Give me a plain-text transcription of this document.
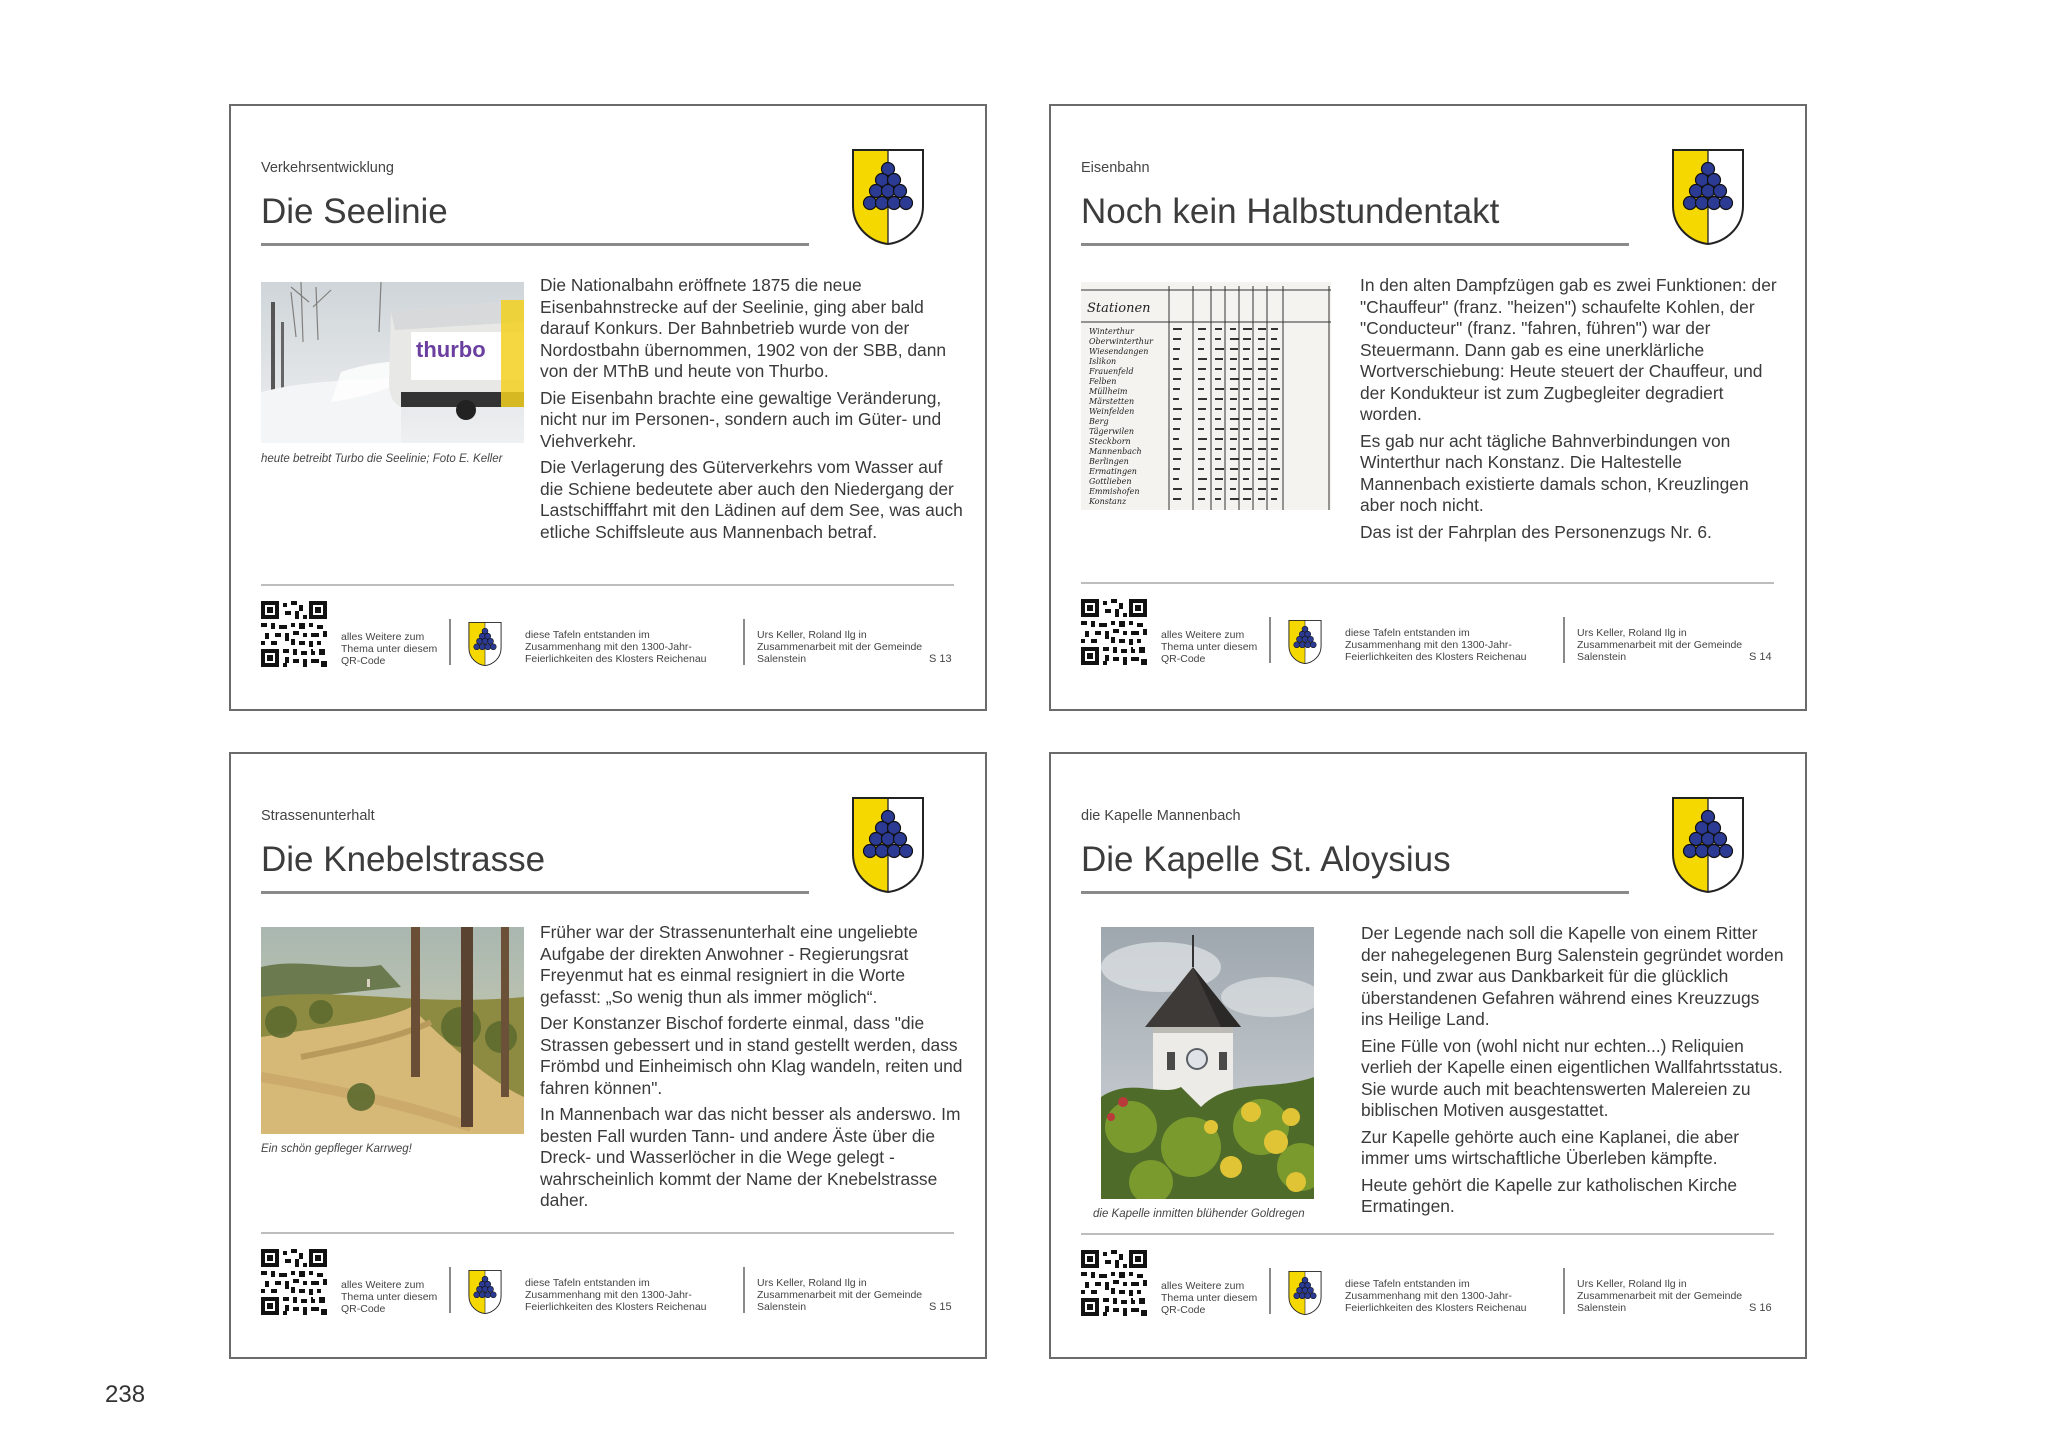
Verkehrsentwicklung
Die Seelinie
thurbo
heute betreibt Turbo die Seelinie; Foto E. Keller

Die Nationalbahn eröffnete 1875 die neue Eisenbahnstrecke auf der Seelinie, ging aber bald darauf Konkurs. Der Bahnbetrieb wurde von der Nordostbahn übernommen, 1902 von der SBB, dann von der MThB und heute von Thurbo.

Die Eisenbahn brachte eine gewaltige Veränderung, nicht nur im Personen-, sondern auch im Güter- und Viehverkehr.

Die Verlagerung des Güterverkehrs vom Wasser auf die Schiene bedeutete aber auch den Niedergang der Lastschifffahrt mit den Lädinen auf dem See, was auch etliche Schiffsleute aus Mannenbach betraf.

alles Weitere zum Thema unter diesem QR-Code
diese Tafeln entstanden im Zusammenhang mit den 1300-Jahr-Feierlichkeiten des Klosters Reichenau
Urs Keller, Roland Ilg in Zusammenarbeit mit der Gemeinde Salenstein	S 13
Eisenbahn
Noch kein Halbstundentakt
Stationen
Winterthur
Oberwinterthur
Wiesendangen
Islikon
Frauenfeld
Felben
Müllheim
Märstetten
Weinfelden
Berg
Tägerwilen
Steckborn
Mannenbach
Berlingen
Ermatingen
Gottlieben
Emmishofen
Konstanz

In den alten Dampfzügen gab es zwei Funktionen: der "Chauffeur" (franz. "heizen") schaufelte Kohlen, der "Conducteur" (franz. "fahren, führen") war der Steuermann. Dann gab es eine unerklärliche Wortverschiebung: Heute steuert der Chauffeur, und der Kondukteur ist zum Zugbegleiter degradiert worden.

Es gab nur acht tägliche Bahnverbindungen von Winterthur nach Konstanz. Die Haltestelle Mannenbach existierte damals schon, Kreuzlingen aber noch nicht.

Das ist der Fahrplan des Personenzugs Nr. 6.

alles Weitere zum Thema unter diesem QR-Code
diese Tafeln entstanden im Zusammenhang mit den 1300-Jahr-Feierlichkeiten des Klosters Reichenau
Urs Keller, Roland Ilg in Zusammenarbeit mit der Gemeinde Salenstein	S 14
Strassenunterhalt
Die Knebelstrasse
Ein schön gepfleger Karrweg!

Früher war der Strassenunterhalt eine ungeliebte Aufgabe der direkten Anwohner - Regierungsrat Freyenmut hat es einmal resigniert in die Worte gefasst: „So wenig thun als immer möglich“.

Der Konstanzer Bischof forderte einmal, dass "die Strassen gebessert und in stand gestellt werden, dass Frömbd und Einheimisch ohn Klag wandeln, reiten und fahren können".

In Mannenbach war das nicht besser als anderswo. Im besten Fall wurden Tann- und andere Äste über die Dreck- und Wasserlöcher in die Wege gelegt - wahrscheinlich kommt der Name der Knebelstrasse daher.

alles Weitere zum Thema unter diesem QR-Code
diese Tafeln entstanden im Zusammenhang mit den 1300-Jahr-Feierlichkeiten des Klosters Reichenau
Urs Keller, Roland Ilg in Zusammenarbeit mit der Gemeinde Salenstein	S 15
die Kapelle Mannenbach
Die Kapelle St. Aloysius
die Kapelle inmitten blühender Goldregen

Der Legende nach soll die Kapelle von einem Ritter der nahegelegenen Burg Salenstein gegründet worden sein, und zwar aus Dankbarkeit für die glücklich überstandenen Gefahren während eines Kreuzzugs ins Heilige Land.

Eine Fülle von (wohl nicht nur echten...) Reliquien verlieh der Kapelle einen eigentlichen Wallfahrtsstatus. Sie wurde auch mit beachtenswerten Malereien zu biblischen Motiven ausgestattet.

Zur Kapelle gehörte auch eine Kaplanei, die aber immer ums wirtschaftliche Überleben kämpfte.

Heute gehört die Kapelle zur katholischen Kirche Ermatingen.

alles Weitere zum Thema unter diesem QR-Code
diese Tafeln entstanden im Zusammenhang mit den 1300-Jahr-Feierlichkeiten des Klosters Reichenau
Urs Keller, Roland Ilg in Zusammenarbeit mit der Gemeinde Salenstein	S 16
238
